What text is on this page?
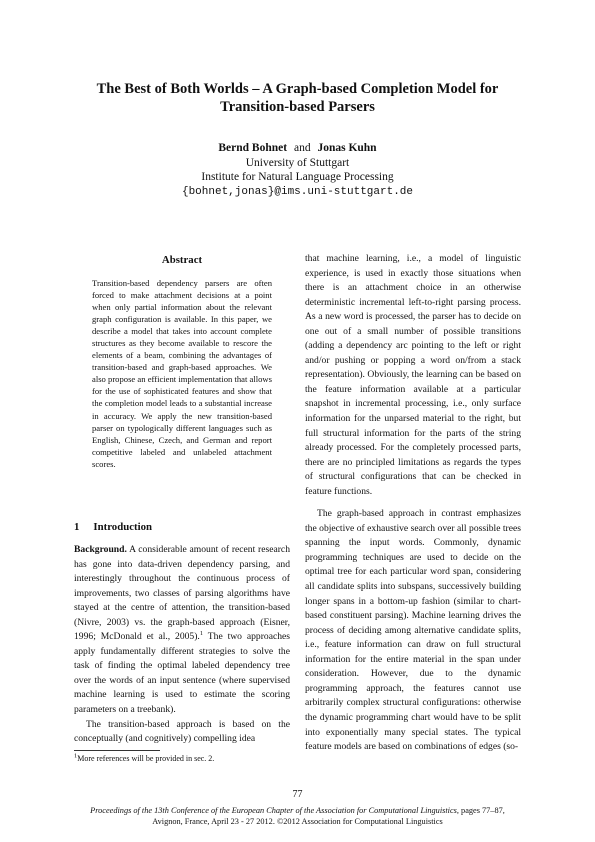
The Best of Both Worlds – A Graph-based Completion Model for
Transition-based Parsers
Bernd Bohnet and Jonas Kuhn
University of Stuttgart
Institute for Natural Language Processing
{bohnet,jonas}@ims.uni-stuttgart.de
Abstract
Transition-based dependency parsers are often forced to make attachment decisions at a point when only partial information about the relevant graph configuration is available. In this paper, we describe a model that takes into account complete structures as they become available to rescore the elements of a beam, combining the advantages of transition-based and graph-based approaches. We also propose an efficient implementation that allows for the use of sophisticated features and show that the completion model leads to a substantial increase in accuracy. We apply the new transition-based parser on typologically different languages such as English, Chinese, Czech, and German and report competitive labeled and unlabeled attachment scores.
1 Introduction

Background. A considerable amount of recent research has gone into data-driven dependency parsing, and interestingly throughout the continuous process of improvements, two classes of parsing algorithms have stayed at the centre of attention, the transition-based (Nivre, 2003) vs. the graph-based approach (Eisner, 1996; McDonald et al., 2005).$^1$ The two approaches apply fundamentally different strategies to solve the task of finding the optimal labeled dependency tree over the words of an input sentence (where supervised machine learning is used to estimate the scoring parameters on a treebank).

The transition-based approach is based on the conceptually (and cognitively) compelling idea

$^1$More references will be provided in sec. 2.

that machine learning, i.e., a model of linguistic experience, is used in exactly those situations when there is an attachment choice in an otherwise deterministic incremental left-to-right parsing process. As a new word is processed, the parser has to decide on one out of a small number of possible transitions (adding a dependency arc pointing to the left or right and/or pushing or popping a word on/from a stack representation). Obviously, the learning can be based on the feature information available at a particular snapshot in incremental processing, i.e., only surface information for the unparsed material to the right, but full structural information for the parts of the string already processed. For the completely processed parts, there are no principled limitations as regards the types of structural configurations that can be checked in feature functions.

The graph-based approach in contrast emphasizes the objective of exhaustive search over all possible trees spanning the input words. Commonly, dynamic programming techniques are used to decide on the optimal tree for each particular word span, considering all candidate splits into subspans, successively building longer spans in a bottom-up fashion (similar to chart-based constituent parsing). Machine learning drives the process of deciding among alternative candidate splits, i.e., feature information can draw on full structural information for the entire material in the span under consideration. However, due to the dynamic programming approach, the features cannot use arbitrarily complex structural configurations: otherwise the dynamic programming chart would have to be split into exponentially many special states. The typical feature models are based on combinations of edges (so-

77
Proceedings of the 13th Conference of the European Chapter of the Association for Computational Linguistics, pages 77–87,
Avignon, France, April 23 - 27 2012. ©2012 Association for Computational Linguistics
